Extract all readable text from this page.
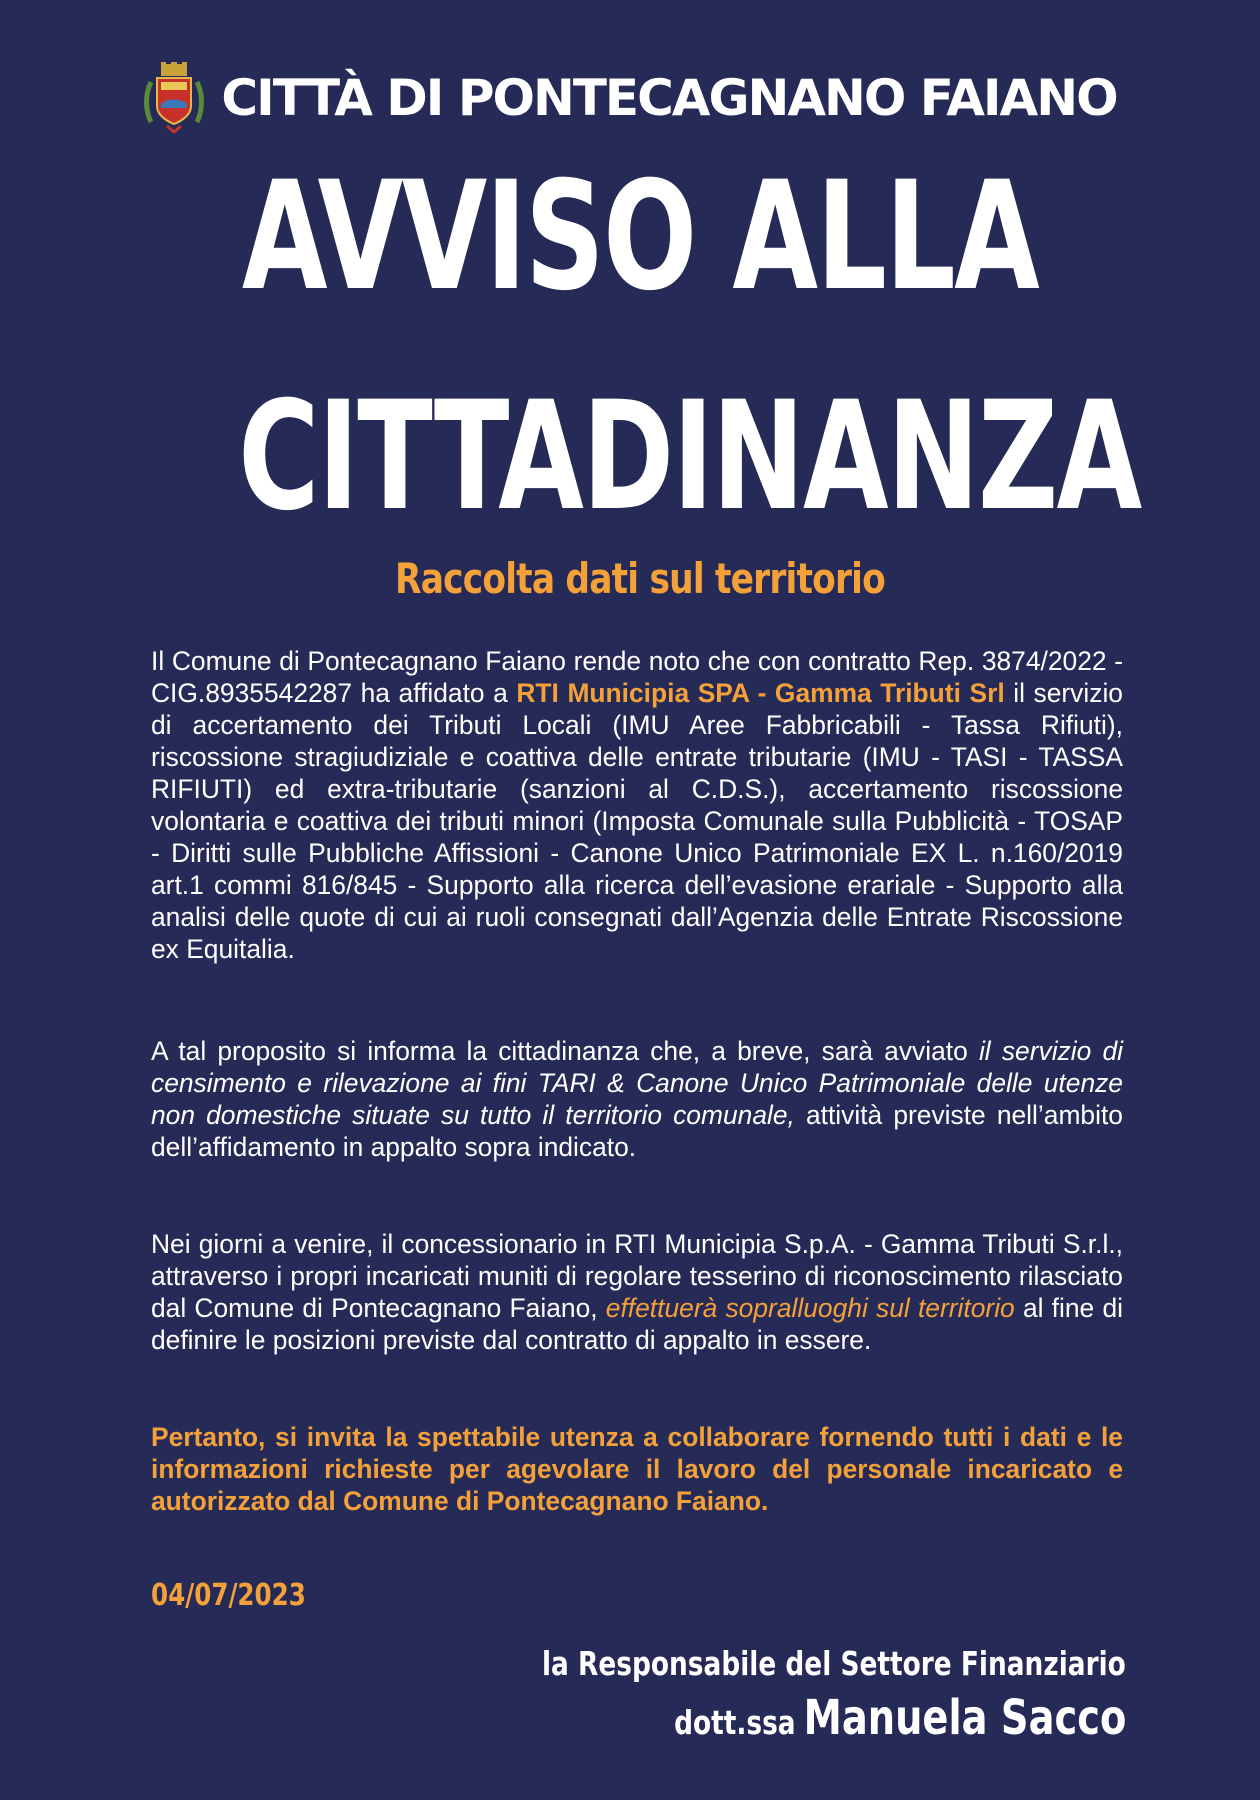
CITTÀ DI PONTECAGNANO FAIANO
AVVISO ALLA
CITTADINANZA
Raccolta dati sul territorio
Il Comune di Pontecagnano Faiano rende noto che con contratto Rep. 3874/2022 - CIG.8935542287 ha affidato a RTI Municipia SPA - Gamma Tributi Srl il servizio di accertamento dei Tributi Locali (IMU Aree Fabbricabili - Tassa Rifiuti), riscossione stragiudiziale e coattiva delle entrate tributarie (IMU - TASI - TASSA RIFIUTI) ed extra-tributarie (sanzioni al C.D.S.), accertamento riscossione volontaria e coattiva dei tributi minori (Imposta Comunale sulla Pubblicità - TOSAP - Diritti sulle Pubbliche Affissioni - Canone Unico Patrimoniale EX L. n.160/2019 art.1 commi 816/845 - Supporto alla ricerca dell’evasione erariale - Supporto alla analisi delle quote di cui ai ruoli consegnati dall’Agenzia delle Entrate Riscossione ex Equitalia.
A tal proposito si informa la cittadinanza che, a breve, sarà avviato il servizio di censimento e rilevazione ai fini TARI & Canone Unico Patrimoniale delle utenze non domestiche situate su tutto il territorio comunale, attività previste nell’ambito dell’affidamento in appalto sopra indicato.
Nei giorni a venire, il concessionario in RTI Municipia S.p.A. - Gamma Tributi S.r.l., attraverso i propri incaricati muniti di regolare tesserino di riconoscimento rilasciato dal Comune di Pontecagnano Faiano, effettuerà sopralluoghi sul territorio al fine di definire le posizioni previste dal contratto di appalto in essere.
Pertanto, si invita la spettabile utenza a collaborare fornendo tutti i dati e le informazioni richieste per agevolare il lavoro del personale incaricato e autorizzato dal Comune di Pontecagnano Faiano.
04/07/2023
la Responsabile del Settore Finanziario
dott.ssa Manuela Sacco
